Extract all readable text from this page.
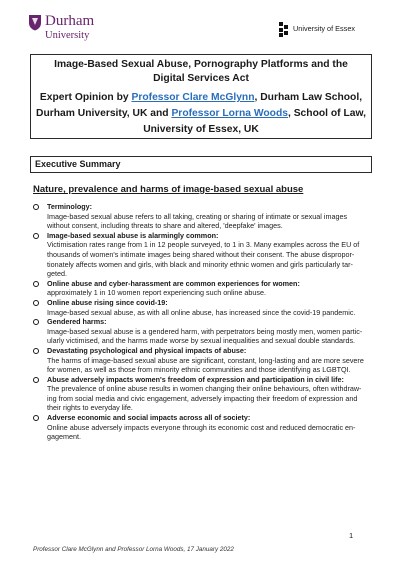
Durham
University
University of Essex
Image-Based Sexual Abuse, Pornography Platforms and the
Digital Services Act
Expert Opinion by Professor Clare McGlynn, Durham Law School,
Durham University, UK and Professor Lorna Woods, School of Law,
University of Essex, UK
Executive Summary
Nature, prevalence and harms of image-based sexual abuse
Terminology:
Image-based sexual abuse refers to all taking, creating or sharing of intimate or sexual images
without consent, including threats to share and altered, 'deepfake' images.
Image-based sexual abuse is alarmingly common:
Victimisation rates range from 1 in 12 people surveyed, to 1 in 3. Many examples across the EU of
thousands of women's intimate images being shared without their consent. The abuse dispropor-
tionately affects women and girls, with black and minority ethnic women and girls particularly tar-
geted.
Online abuse and cyber-harassment are common experiences for women:
approximately 1 in 10 women report experiencing such online abuse.
Online abuse rising since covid-19:
Image-based sexual abuse, as with all online abuse, has increased since the covid-19 pandemic.
Gendered harms:
Image-based sexual abuse is a gendered harm, with perpetrators being mostly men, women partic-
ularly victimised, and the harms made worse by sexual inequalities and sexual double standards.
Devastating psychological and physical impacts of abuse:
The harms of image-based sexual abuse are significant, constant, long-lasting and are more severe
for women, as well as those from minority ethnic communities and those identifying as LGBTQI.
Abuse adversely impacts women's freedom of expression and participation in civil life:
The prevalence of online abuse results in women changing their online behaviours, often withdraw-
ing from social media and civic engagement, adversely impacting their freedom of expression and
their rights to everyday life.
Adverse economic and social impacts across all of society:
Online abuse adversely impacts everyone through its economic cost and reduced democratic en-
gagement.
1
Professor Clare McGlynn and Professor Lorna Woods, 17 January 2022
